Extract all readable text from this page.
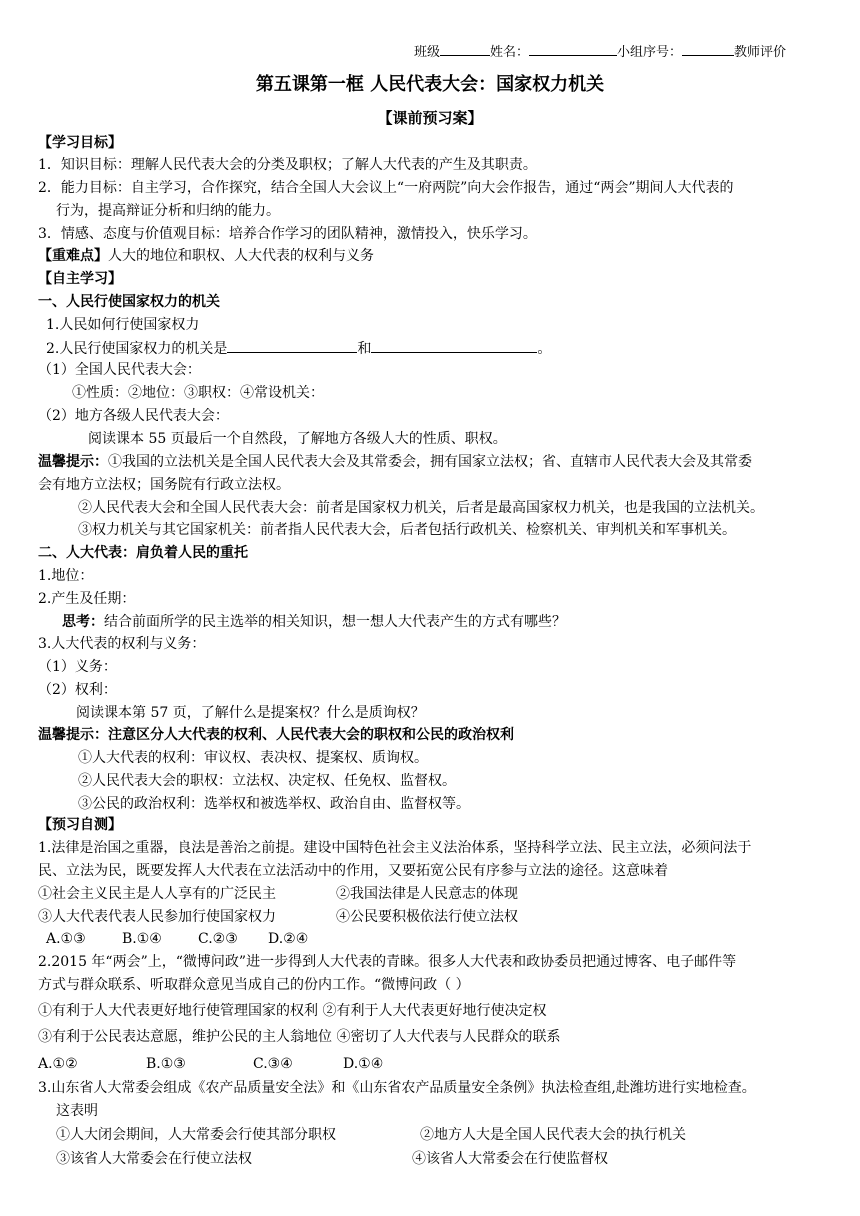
班级	姓名：	小组序号：	教师评价
第五课第一框 人民代表大会：国家权力机关
【课前预习案】
【学习目标】
1．知识目标：理解人民代表大会的分类及职权；了解人大代表的产生及其职责。
2．能力目标：自主学习，合作探究，结合全国人大会议上“一府两院”向大会作报告，通过“两会”期间人大代表的
行为，提高辩证分析和归纳的能力。
3．情感、态度与价值观目标：培养合作学习的团队精神，激情投入，快乐学习。
【重难点】人大的地位和职权、人大代表的权利与义务
【自主学习】
一、人民行使国家权力的机关
1.人民如何行使国家权力
2.人民行使国家权力的机关是	和	。
（1）全国人民代表大会：
①性质：②地位：③职权：④常设机关：
（2）地方各级人民代表大会：
阅读课本 55 页最后一个自然段，了解地方各级人大的性质、职权。
温馨提示：①我国的立法机关是全国人民代表大会及其常委会，拥有国家立法权；省、直辖市人民代表大会及其常委
会有地方立法权；国务院有行政立法权。
②人民代表大会和全国人民代表大会：前者是国家权力机关，后者是最高国家权力机关，也是我国的立法机关。
③权力机关与其它国家机关：前者指人民代表大会，后者包括行政机关、检察机关、审判机关和军事机关。
二、人大代表：肩负着人民的重托
1.地位：
2.产生及任期：
思考：结合前面所学的民主选举的相关知识，想一想人大代表产生的方式有哪些？
3.人大代表的权利与义务：
（1）义务：
（2）权利：
阅读课本第 57 页，了解什么是提案权？什么是质询权？
温馨提示：注意区分人大代表的权利、人民代表大会的职权和公民的政治权利
①人大代表的权利：审议权、表决权、提案权、质询权。
②人民代表大会的职权：立法权、决定权、任免权、监督权。
③公民的政治权利：选举权和被选举权、政治自由、监督权等。
【预习自测】
1.法律是治国之重器，良法是善治之前提。建设中国特色社会主义法治体系，坚持科学立法、民主立法，必须问法于
民、立法为民，既要发挥人大代表在立法活动中的作用，又要拓宽公民有序参与立法的途径。这意味着
①社会主义民主是人人享有的广泛民主	②我国法律是人民意志的体现
③人大代表代表人民参加行使国家权力	④公民要积极依法行使立法权
A.①③	B.①④	C.②③ D.②④
2.2015 年“两会”上，“微博问政”进一步得到人大代表的青睐。很多人大代表和政协委员把通过博客、电子邮件等
方式与群众联系、听取群众意见当成自己的份内工作。“微博问政（ ）
①有利于人大代表更好地行使管理国家的权利 ②有利于人大代表更好地行使决定权
③有利于公民表达意愿，维护公民的主人翁地位 ④密切了人大代表与人民群众的联系
A.①②	B.①③	C.③④	D.①④
3.山东省人大常委会组成《农产品质量安全法》和《山东省农产品质量安全条例》执法检查组,赴潍坊进行实地检查。
这表明
①人大闭会期间，人大常委会行使其部分职权	②地方人大是全国人民代表大会的执行机关
③该省人大常委会在行使立法权	④该省人大常委会在行使监督权
